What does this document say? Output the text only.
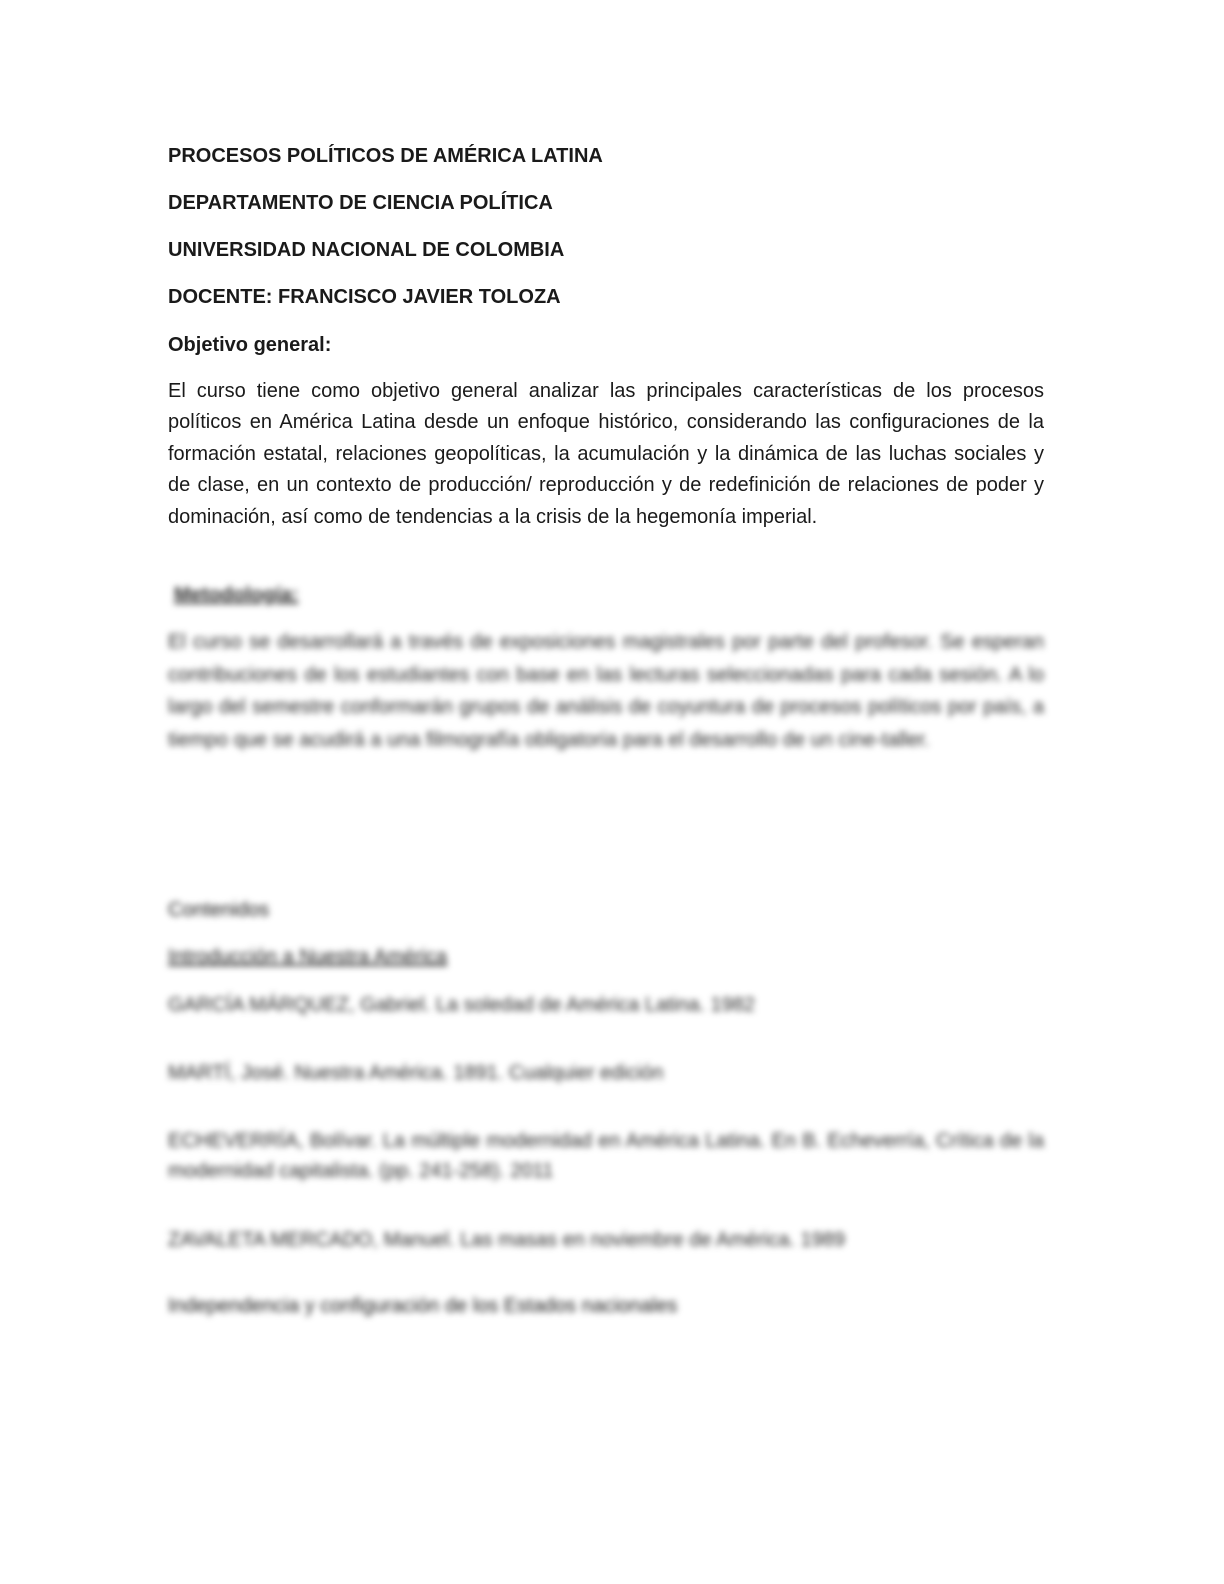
PROCESOS POLÍTICOS DE AMÉRICA LATINA
DEPARTAMENTO DE CIENCIA POLÍTICA
UNIVERSIDAD NACIONAL DE COLOMBIA
DOCENTE: FRANCISCO JAVIER TOLOZA
Objetivo general:

El curso tiene como objetivo general analizar las principales características de los procesos políticos en América Latina desde un enfoque histórico, considerando las configuraciones de la formación estatal, relaciones geopolíticas, la acumulación y la dinámica de las luchas sociales y de clase, en un contexto de producción/ reproducción y de redefinición de relaciones de poder y dominación, así como de tendencias a la crisis de la hegemonía imperial.

Metodología:

El curso se desarrollará a través de exposiciones magistrales por parte del profesor. Se esperan contribuciones de los estudiantes con base en las lecturas seleccionadas para cada sesión. A lo largo del semestre conformarán grupos de análisis de coyuntura de procesos políticos por país, a tiempo que se acudirá a una filmografía obligatoria para el desarrollo de un cine-taller.

Contenidos
Introducción a Nuestra América
GARCÍA MÁRQUEZ, Gabriel. La soledad de América Latina. 1982
MARTÍ, José. Nuestra América. 1891. Cualquier edición
ECHEVERRÍA, Bolívar. La múltiple modernidad en América Latina. En B. Echeverría, Crítica de la modernidad capitalista. (pp. 241-258). 2011
ZAVALETA MERCADO, Manuel. Las masas en noviembre de América. 1989
Independencia y configuración de los Estados nacionales
